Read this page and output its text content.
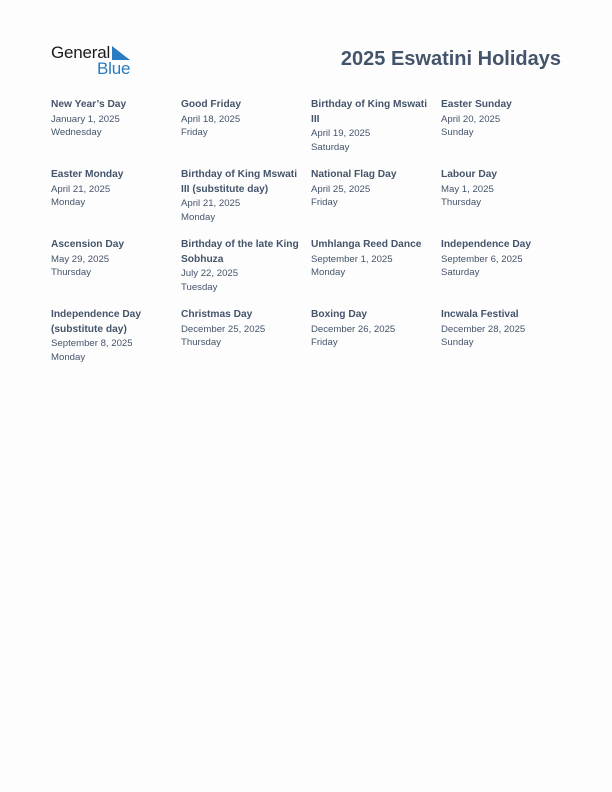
General
Blue	2025 Eswatini Holidays
New Year’s Day
January 1, 2025
Wednesday
Good Friday
April 18, 2025
Friday
Birthday of King Mswati III
April 19, 2025
Saturday
Easter Sunday
April 20, 2025
Sunday
Easter Monday
April 21, 2025
Monday
Birthday of King Mswati III (substitute day)
April 21, 2025
Monday
National Flag Day
April 25, 2025
Friday
Labour Day
May 1, 2025
Thursday
Ascension Day
May 29, 2025
Thursday
Birthday of the late King Sobhuza
July 22, 2025
Tuesday
Umhlanga Reed Dance
September 1, 2025
Monday
Independence Day
September 6, 2025
Saturday
Independence Day (substitute day)
September 8, 2025
Monday
Christmas Day
December 25, 2025
Thursday
Boxing Day
December 26, 2025
Friday
Incwala Festival
December 28, 2025
Sunday
